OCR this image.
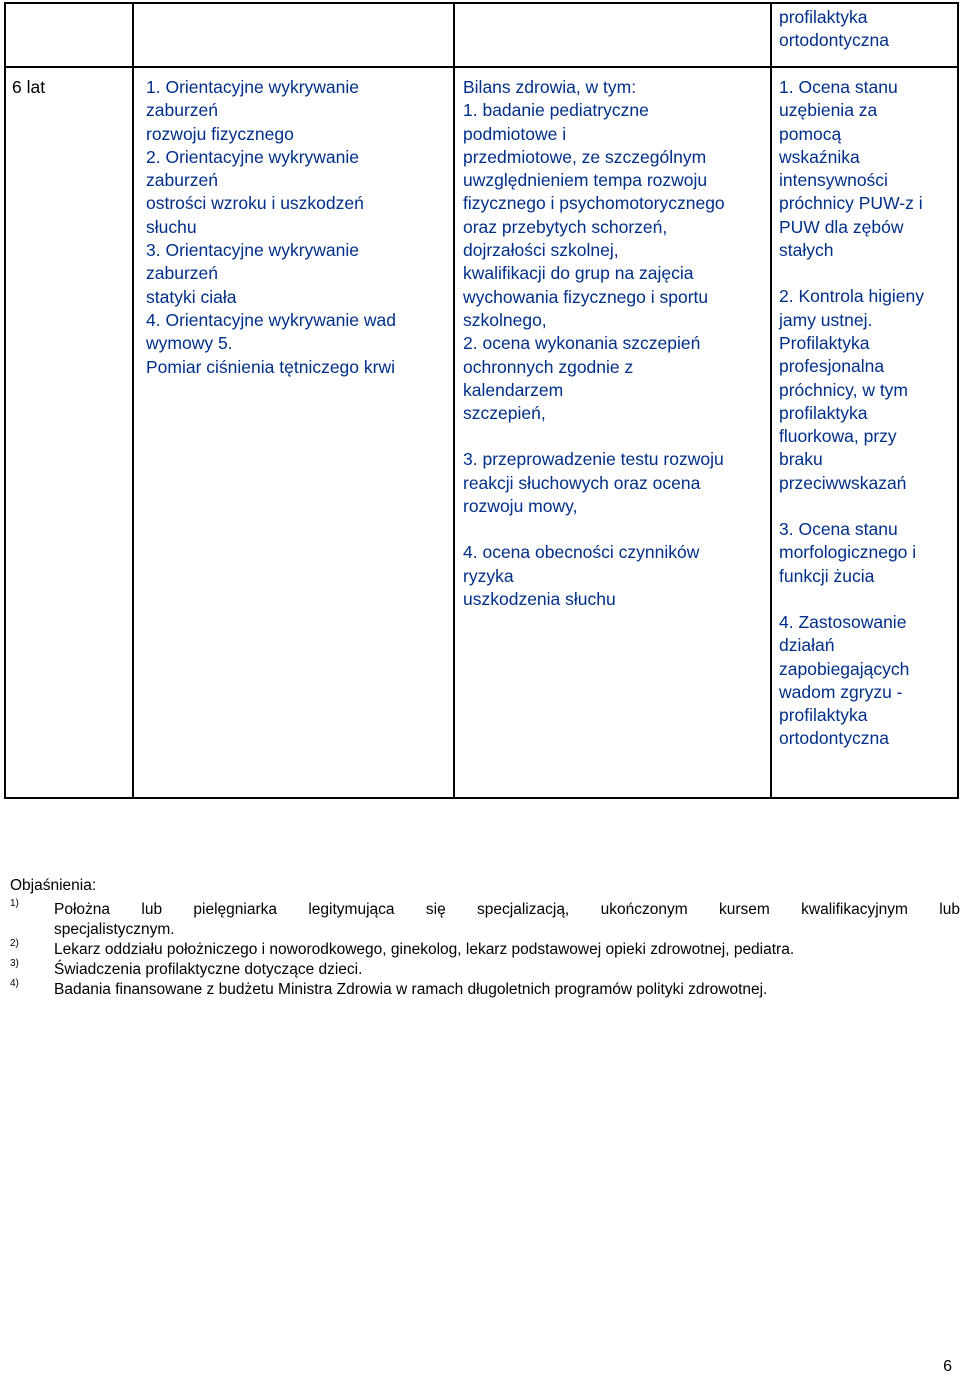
profilaktyka
ortodontyczna

6 lat	1. Orientacyjne wykrywanie
zaburzeń
rozwoju fizycznego
2. Orientacyjne wykrywanie
zaburzeń
ostrości wzroku i uszkodzeń
słuchu
3. Orientacyjne wykrywanie
zaburzeń
statyki ciała
4. Orientacyjne wykrywanie wad
wymowy 5.
Pomiar ciśnienia tętniczego krwi

Bilans zdrowia, w tym:
1. badanie pediatryczne
podmiotowe i
przedmiotowe, ze szczególnym
uwzględnieniem tempa rozwoju
fizycznego i psychomotorycznego
oraz przebytych schorzeń,
dojrzałości szkolnej,
kwalifikacji do grup na zajęcia
wychowania fizycznego i sportu
szkolnego,
2. ocena wykonania szczepień
ochronnych zgodnie z
kalendarzem
szczepień,

3. przeprowadzenie testu rozwoju
reakcji słuchowych oraz ocena
rozwoju mowy,

4. ocena obecności czynników
ryzyka
uszkodzenia słuchu

1. Ocena stanu
uzębienia za
pomocą
wskaźnika
intensywności
próchnicy PUW-z i
PUW dla zębów
stałych

2. Kontrola higieny
jamy ustnej.
Profilaktyka
profesjonalna
próchnicy, w tym
profilaktyka
fluorkowa, przy
braku
przeciwwskazań

3. Ocena stanu
morfologicznego i
funkcji żucia

4. Zastosowanie
działań
zapobiegających
wadom zgryzu -
profilaktyka
ortodontyczna

Objaśnienia:

1) Położna lub pielęgniarka legitymująca się specjalizacją, ukończonym kursem kwalifikacyjnym lub
specjalistycznym.
2) Lekarz oddziału położniczego i noworodkowego, ginekolog, lekarz podstawowej opieki zdrowotnej, pediatra.
3) Świadczenia profilaktyczne dotyczące dzieci.
4) Badania finansowane z budżetu Ministra Zdrowia w ramach długoletnich programów polityki zdrowotnej.
6
